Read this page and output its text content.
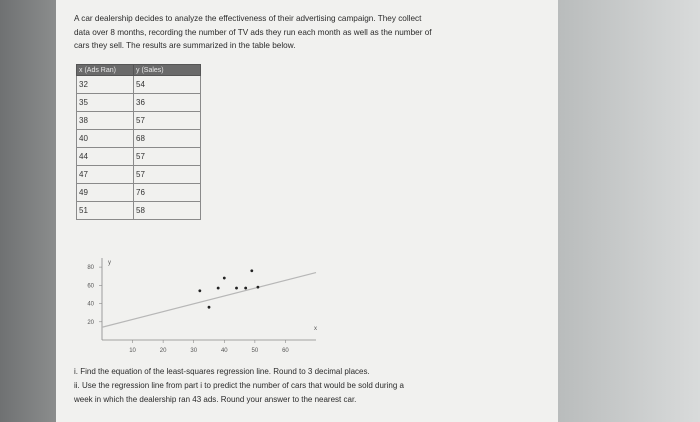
A car dealership decides to analyze the effectiveness of their advertising campaign. They collect
data over 8 months, recording the number of TV ads they run each month as well as the number of
cars they sell. The results are summarized in the table below.
x (Ads Ran)	y (Sales)
32	54
35	36
38	57
40	68
44	57
47	57
49	76
51	58
80
60
40
20
10	20	30	40	50	60
x
y
i. Find the equation of the least-squares regression line. Round to 3 decimal places.
ii. Use the regression line from part i to predict the number of cars that would be sold during a
week in which the dealership ran 43 ads. Round your answer to the nearest car.
